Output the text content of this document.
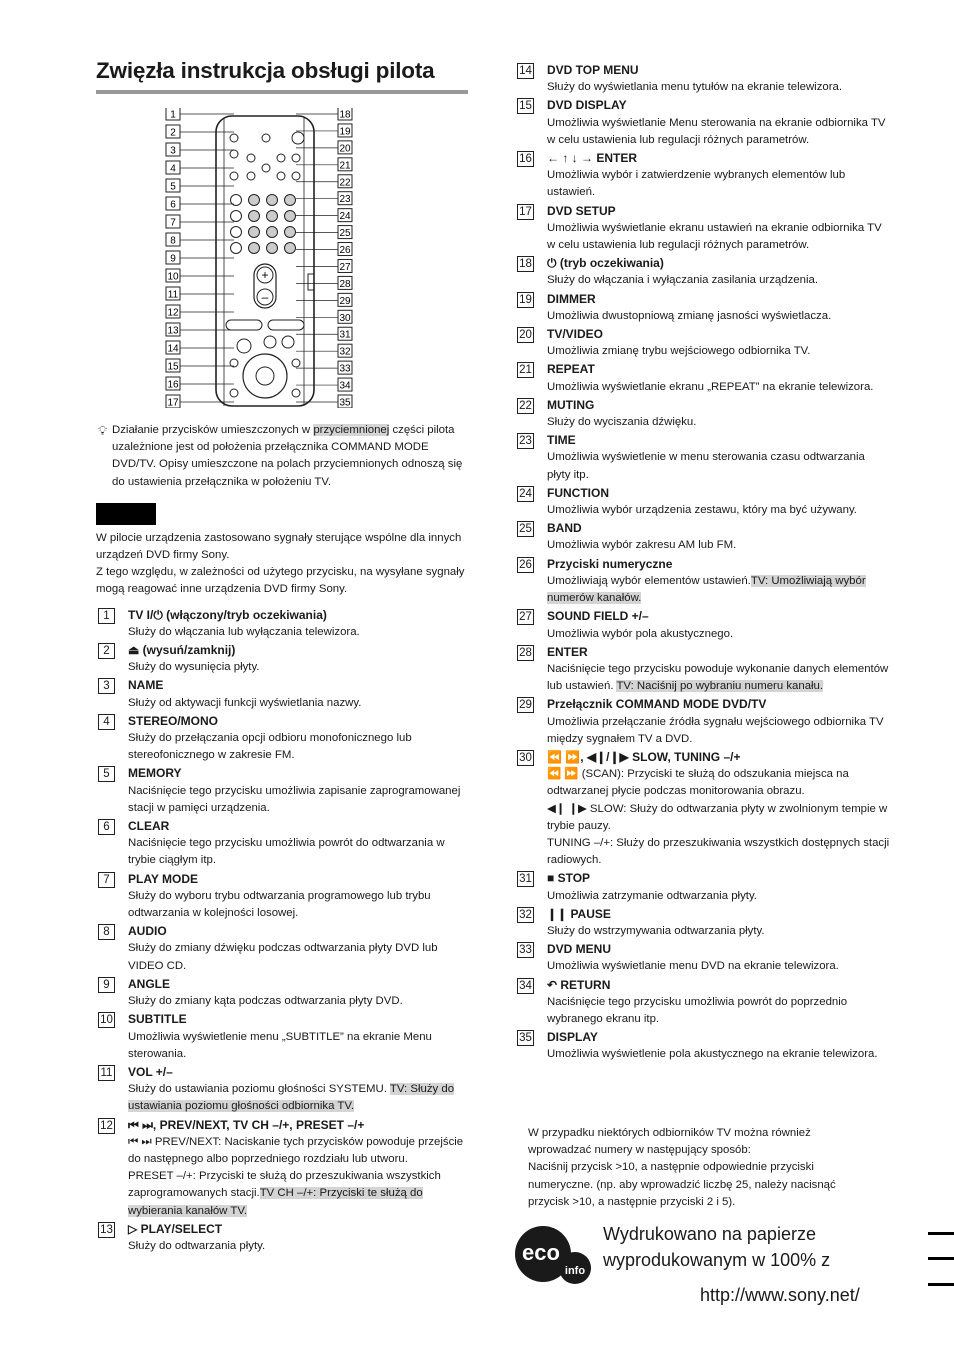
Zwięzła instrukcja obsługi pilota
+
–
1
2
3
4
5
6
7
8
9
10
11
12
13
14
15
16
17
18
19
20
21
22
23
24
25
26
27
28
29
30
31
32
33
34
35
💡︎ Działanie przycisków umieszczonych w przyciemnionej części pilota uzależnione jest od położenia przełącznika COMMAND MODE DVD/TV. Opisy umieszczone na polach przyciemnionych odnoszą się do ustawienia przełącznika w położeniu TV.
W pilocie urządzenia zastosowano sygnały sterujące wspólne dla innych urządzeń DVD firmy Sony.
Z tego względu, w zależności od użytego przycisku, na wysyłane sygnały mogą reagować inne urządzenia DVD firmy Sony.
1	TV I/⏻ (włączony/tryb oczekiwania)
Służy do włączania lub wyłączania telewizora.
2	⏏ (wysuń/zamknij)
Służy do wysunięcia płyty.
3	NAME
Służy od aktywacji funkcji wyświetlania nazwy.
4	STEREO/MONO
Służy do przełączania opcji odbioru monofonicznego lub stereofonicznego w zakresie FM.
5	MEMORY
Naciśnięcie tego przycisku umożliwia zapisanie zaprogramowanej stacji w pamięci urządzenia.
6	CLEAR
Naciśnięcie tego przycisku umożliwia powrót do odtwarzania w trybie ciągłym itp.
7	PLAY MODE
Służy do wyboru trybu odtwarzania programowego lub trybu odtwarzania w kolejności losowej.
8	AUDIO
Służy do zmiany dźwięku podczas odtwarzania płyty DVD lub VIDEO CD.
9	ANGLE
Służy do zmiany kąta podczas odtwarzania płyty DVD.
10 SUBTITLE
Umożliwia wyświetlenie menu „SUBTITLE” na ekranie Menu sterowania.
11 VOL +/–
Służy do ustawiania poziomu głośności SYSTEMU. TV: Służy do ustawiania poziomu głośności odbiornika TV.
12 ⏮ ⏭, PREV/NEXT, TV CH –/+, PRESET –/+
⏮ ⏭ PREV/NEXT: Naciskanie tych przycisków powoduje przejście do następnego albo poprzedniego rozdziału lub utworu.
PRESET –/+: Przyciski te służą do przeszukiwania wszystkich zaprogramowanych stacji.TV CH –/+: Przyciski te służą do wybierania kanałów TV.
13 ▷ PLAY/SELECT
Służy do odtwarzania płyty.
14 DVD TOP MENU
Służy do wyświetlania menu tytułów na ekranie telewizora.
15 DVD DISPLAY
Umożliwia wyświetlanie Menu sterowania na ekranie odbiornika TV w celu ustawienia lub regulacji różnych parametrów.
16 ← ↑ ↓ → ENTER
Umożliwia wybór i zatwierdzenie wybranych elementów lub ustawień.
17 DVD SETUP
Umożliwia wyświetlanie ekranu ustawień na ekranie odbiornika TV w celu ustawienia lub regulacji różnych parametrów.
18 ⏻ (tryb oczekiwania)
Służy do włączania i wyłączania zasilania urządzenia.
19 DIMMER
Umożliwia dwustopniową zmianę jasności wyświetlacza.
20 TV/VIDEO
Umożliwia zmianę trybu wejściowego odbiornika TV.
21 REPEAT
Umożliwia wyświetlanie ekranu „REPEAT” na ekranie telewizora.
22 MUTING
Służy do wyciszania dźwięku.
23 TIME
Umożliwia wyświetlenie w menu sterowania czasu odtwarzania płyty itp.
24 FUNCTION
Umożliwia wybór urządzenia zestawu, który ma być używany.
25 BAND
Umożliwia wybór zakresu AM lub FM.
26 Przyciski numeryczne
Umożliwiają wybór elementów ustawień.TV: Umożliwiają wybór numerów kanałów.
27 SOUND FIELD +/–
Umożliwia wybór pola akustycznego.
28 ENTER
Naciśnięcie tego przycisku powoduje wykonanie danych elementów lub ustawień. TV: Naciśnij po wybraniu numeru kanału.
29 Przełącznik COMMAND MODE DVD/TV
Umożliwia przełączanie źródła sygnału wejściowego odbiornika TV między sygnałem TV a DVD.
30 ⏪ ⏩, ◀❙/❙▶ SLOW, TUNING –/+
⏪ ⏩ (SCAN): Przyciski te służą do odszukania miejsca na odtwarzanej płycie podczas monitorowania obrazu.
◀❙ ❙▶ SLOW: Służy do odtwarzania płyty w zwolnionym tempie w trybie pauzy.
TUNING –/+: Służy do przeszukiwania wszystkich dostępnych stacji radiowych.
31 ■ STOP
Umożliwia zatrzymanie odtwarzania płyty.
32 ❙❙ PAUSE
Służy do wstrzymywania odtwarzania płyty.
33 DVD MENU
Umożliwia wyświetlanie menu DVD na ekranie telewizora.
34 ↶ RETURN
Naciśnięcie tego przycisku umożliwia powrót do poprzednio wybranego ekranu itp.
35 DISPLAY
Umożliwia wyświetlenie pola akustycznego na ekranie telewizora.
W przypadku niektórych odbiorników TV można również wprowadzać numery w następujący sposób:
Naciśnij przycisk >10, a następnie odpowiednie przyciski numeryczne. (np. aby wprowadzić liczbę 25, należy nacisnąć przycisk >10, a następnie przyciski 2 i 5).
eco
info
Wydrukowano na papierze
wyprodukowanym w 100% z
http://www.sony.net/
